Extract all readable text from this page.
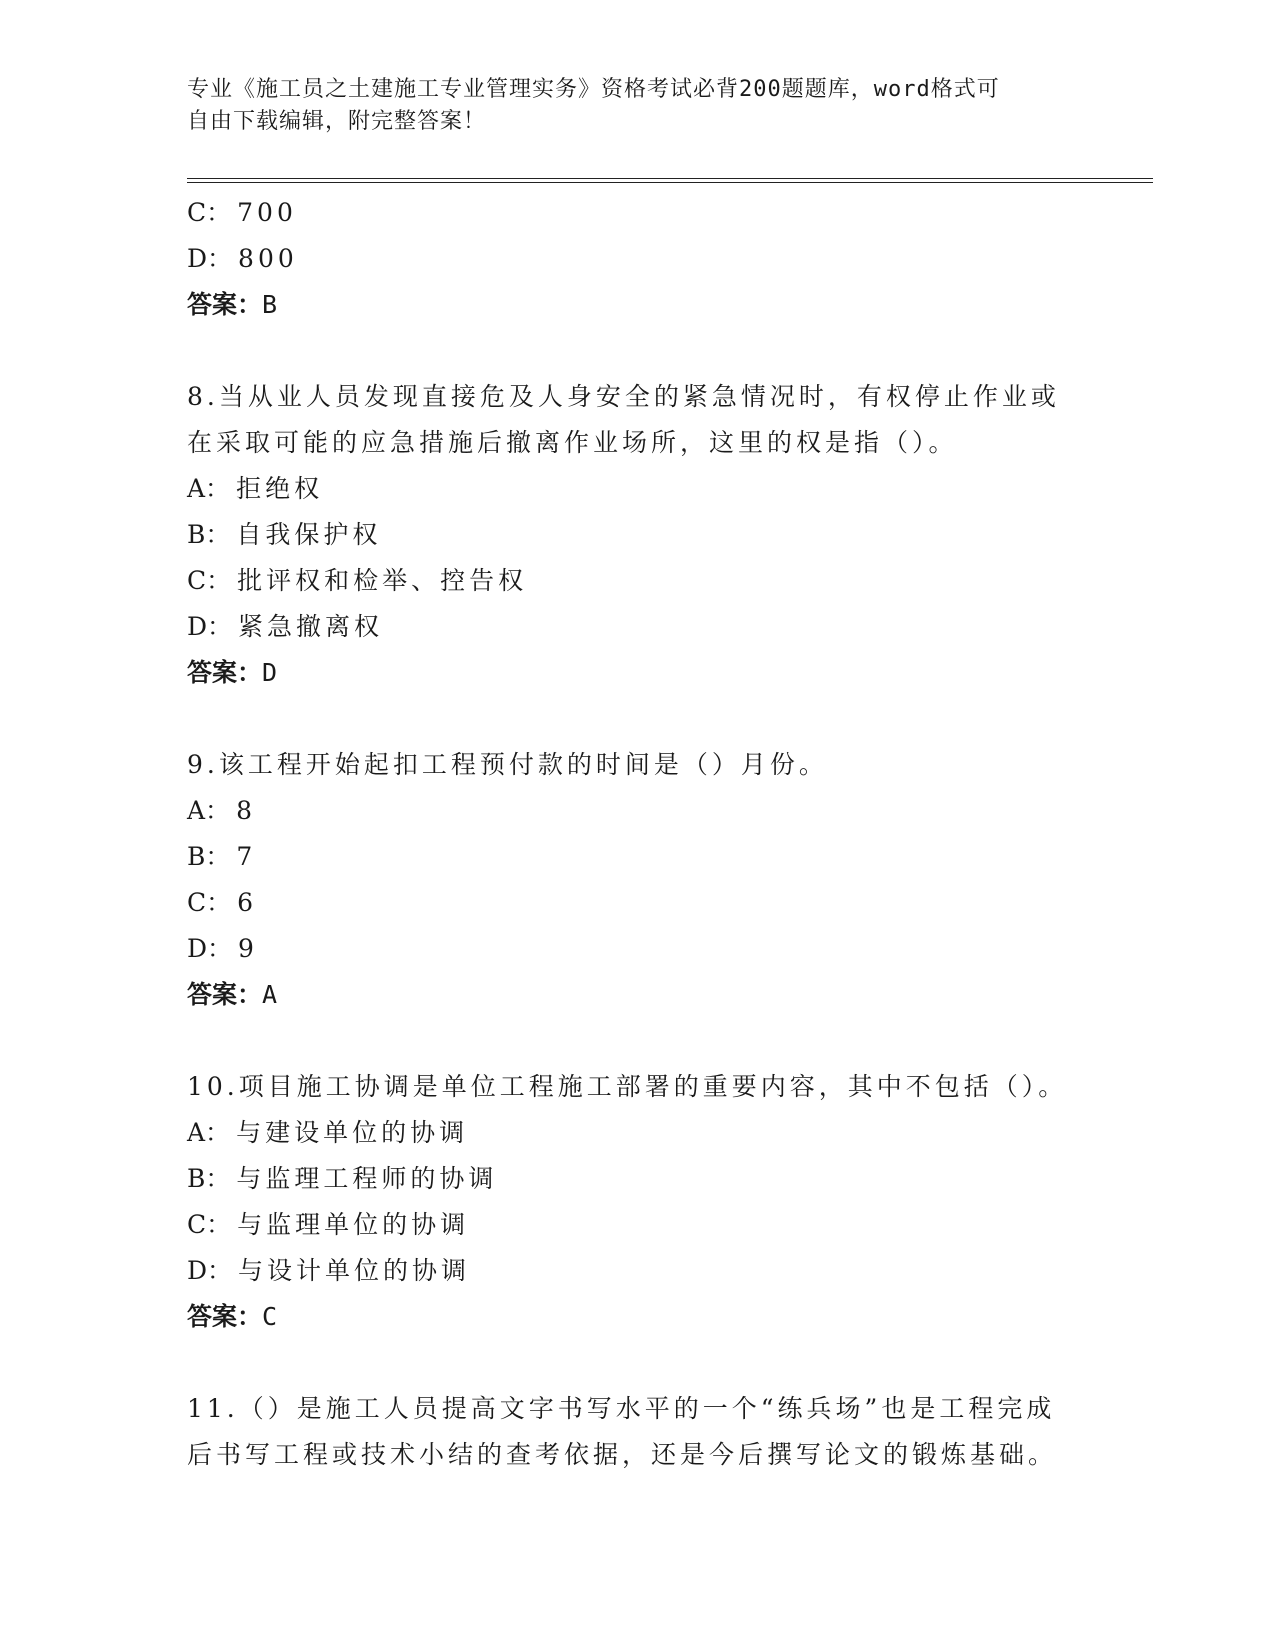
专业《施工员之土建施工专业管理实务》资格考试必背200题题库，word格式可
自由下载编辑，附完整答案！
C： 700
D： 800
答案：B
8.当从业人员发现直接危及人身安全的紧急情况时，有权停止作业或
在采取可能的应急措施后撤离作业场所，这里的权是指（）。
A： 拒绝权
B： 自我保护权
C： 批评权和检举、控告权
D： 紧急撤离权
答案：D
9.该工程开始起扣工程预付款的时间是（）月份。
A： 8
B： 7
C： 6
D： 9
答案：A
10.项目施工协调是单位工程施工部署的重要内容，其中不包括（）。
A： 与建设单位的协调
B： 与监理工程师的协调
C： 与监理单位的协调
D： 与设计单位的协调
答案：C
11.（）是施工人员提高文字书写水平的一个“练兵场”也是工程完成
后书写工程或技术小结的查考依据，还是今后撰写论文的锻炼基础。
